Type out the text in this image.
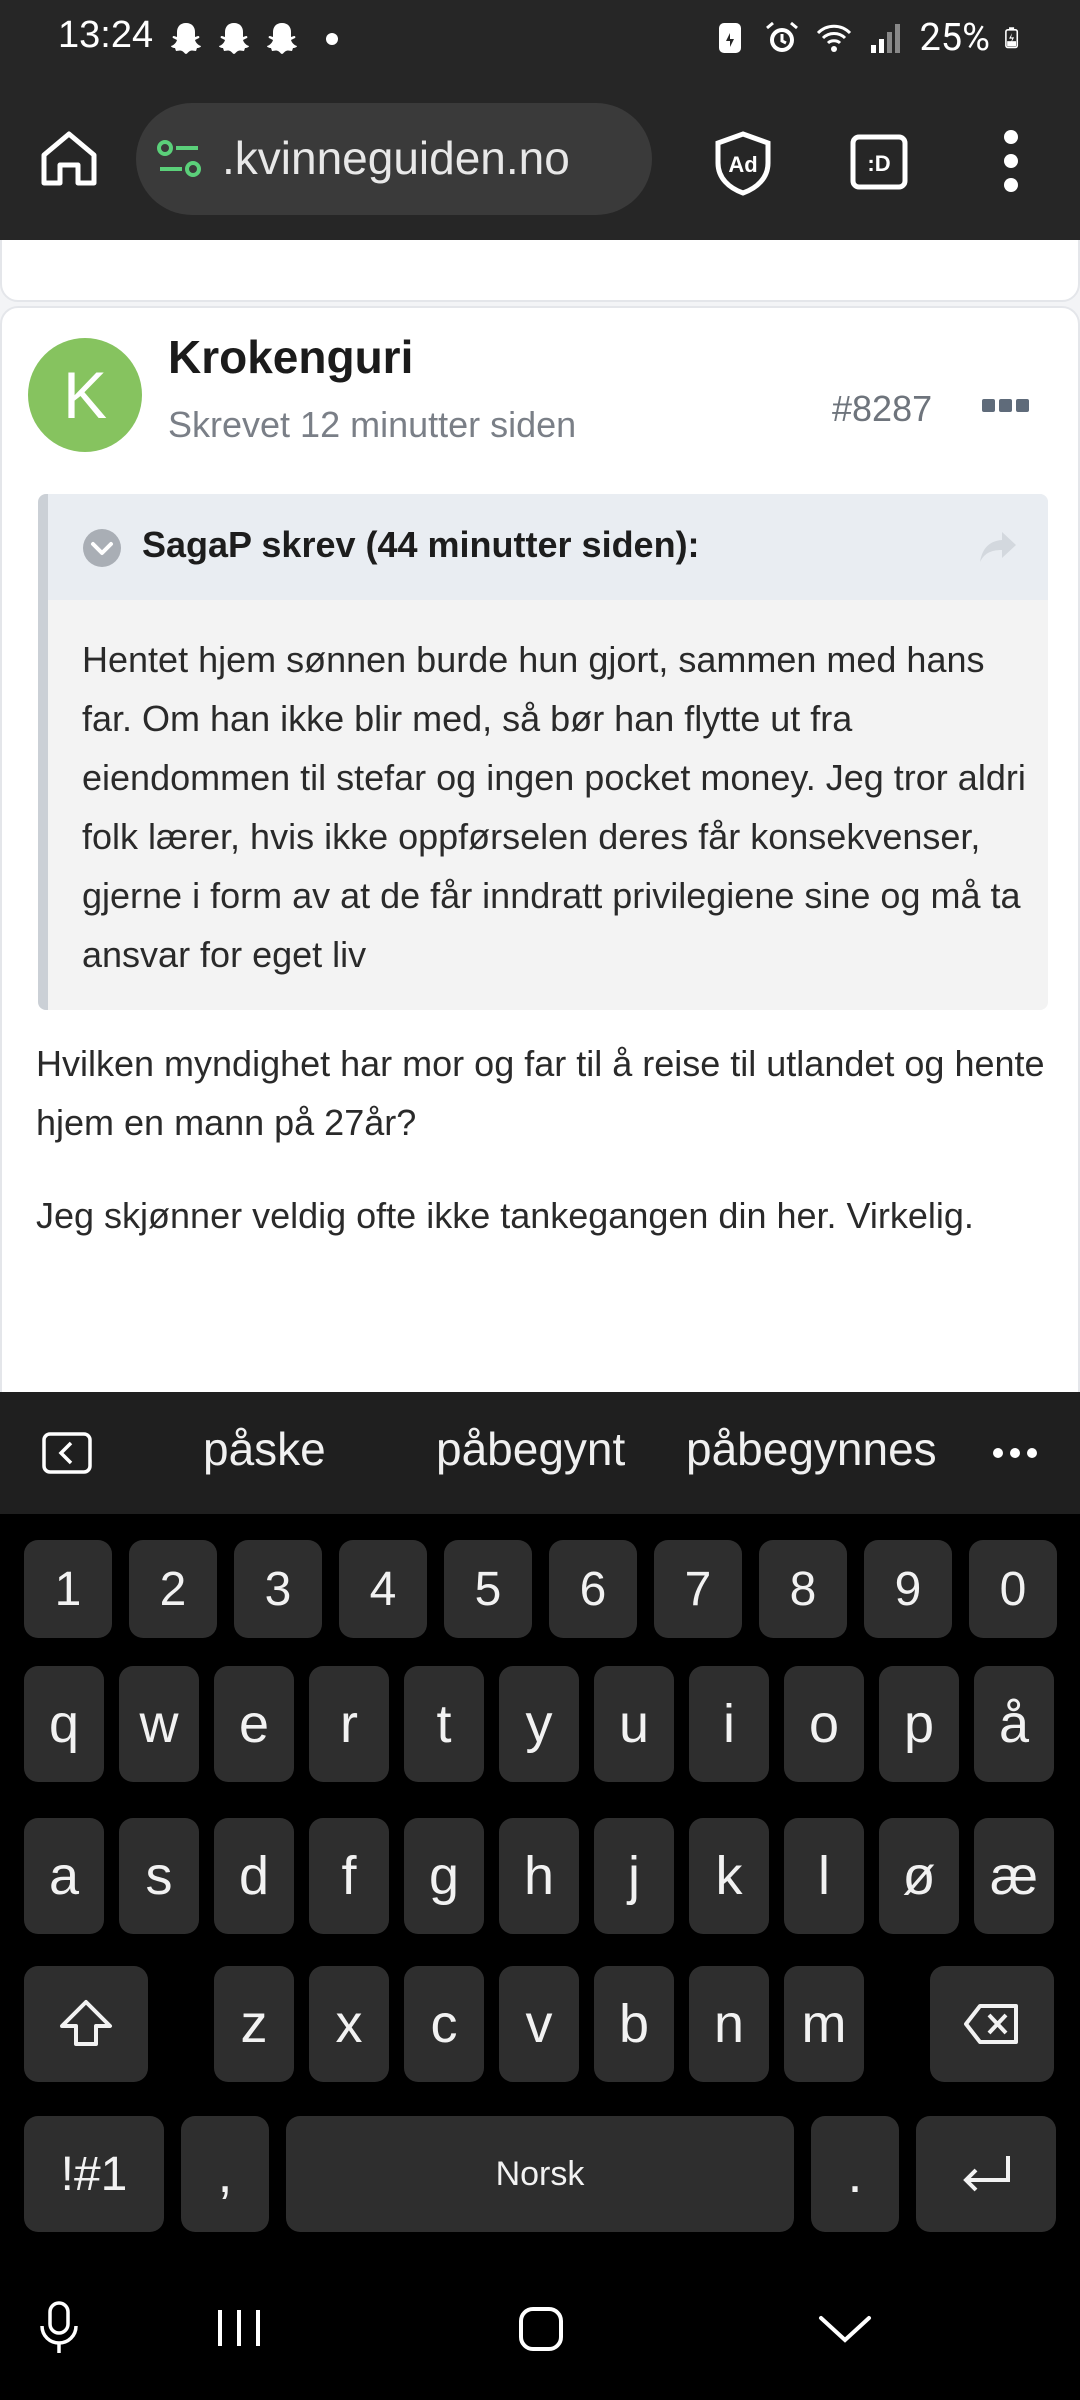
13:24	25%
.kvinneguiden.no	Ad	:D
K
Krokenguri
Skrevet 12 minutter siden	#8287
SagaP skrev (44 minutter siden):
Hentet hjem sønnen burde hun gjort, sammen med hans far. Om han ikke blir med, så bør han flytte ut fra eiendommen til stefar og ingen pocket money. Jeg tror aldri folk lærer, hvis ikke oppførselen deres får konsekvenser, gjerne i form av at de får inndratt privilegiene sine og må ta ansvar for eget liv
Hvilken myndighet har mor og far til å reise til utlandet og hente hjem en mann på 27år?
Jeg skjønner veldig ofte ikke tankegangen din her. Virkelig.
påske påbegynt påbegynnes
1	2	3	4	5	6	7	8	9	0
q	w	e	r	t	y	u	i	o	p	å
a	s	d	f	g	h	j	k	l	ø	æ
z	x	c	v	b	n	m
!#1	,	Norsk	.
